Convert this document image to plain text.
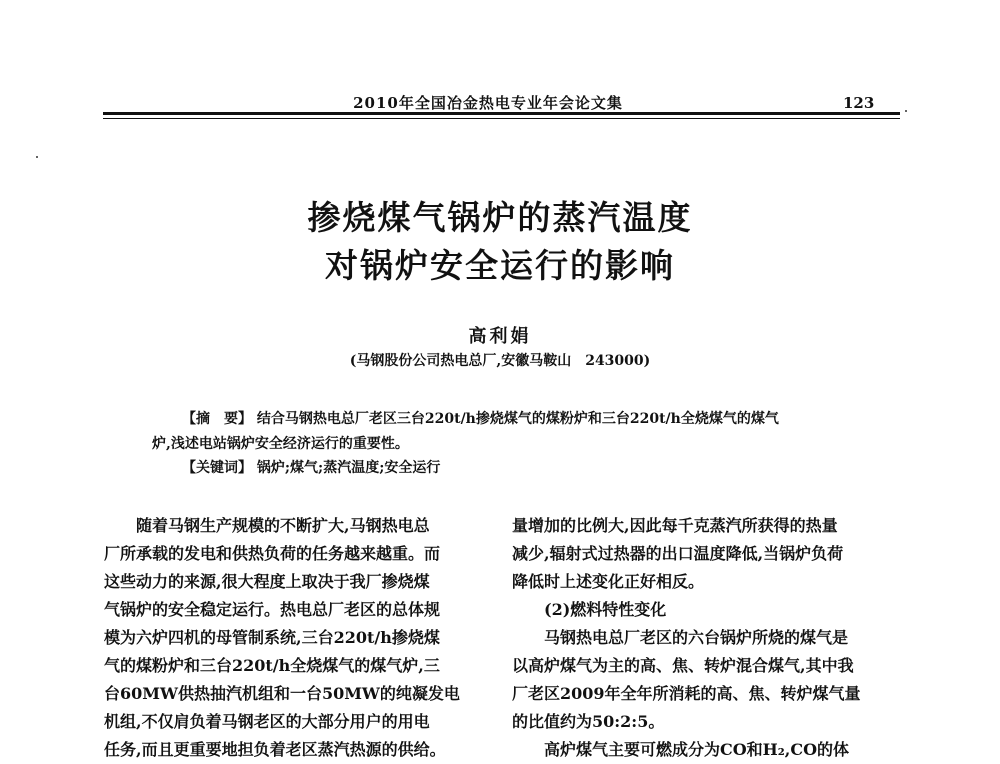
2010年全国冶金热电专业年会论文集	123
掺烧煤气锅炉的蒸汽温度
对锅炉安全运行的影响
高利娟
(马钢股份公司热电总厂,安徽马鞍山　243000)
【摘　要】 结合马钢热电总厂老区三台220t/h掺烧煤气的煤粉炉和三台220t/h全烧煤气的煤气
炉,浅述电站锅炉安全经济运行的重要性。
【关键词】 锅炉;煤气;蒸汽温度;安全运行
　　随着马钢生产规模的不断扩大,马钢热电总
厂所承载的发电和供热负荷的任务越来越重。而
这些动力的来源,很大程度上取决于我厂掺烧煤
气锅炉的安全稳定运行。热电总厂老区的总体规
模为六炉四机的母管制系统,三台220t/h掺烧煤
气的煤粉炉和三台220t/h全烧煤气的煤气炉,三
台60MW供热抽汽机组和一台50MW的纯凝发电
机组,不仅肩负着马钢老区的大部分用户的用电
任务,而且更重要地担负着老区蒸汽热源的供给。
量增加的比例大,因此每千克蒸汽所获得的热量
减少,辐射式过热器的出口温度降低,当锅炉负荷
降低时上述变化正好相反。
　　(2)燃料特性变化
　　马钢热电总厂老区的六台锅炉所烧的煤气是
以高炉煤气为主的高、焦、转炉混合煤气,其中我
厂老区2009年全年所消耗的高、焦、转炉煤气量
的比值约为50:2:5。
　　高炉煤气主要可燃成分为CO和H₂,CO的体
